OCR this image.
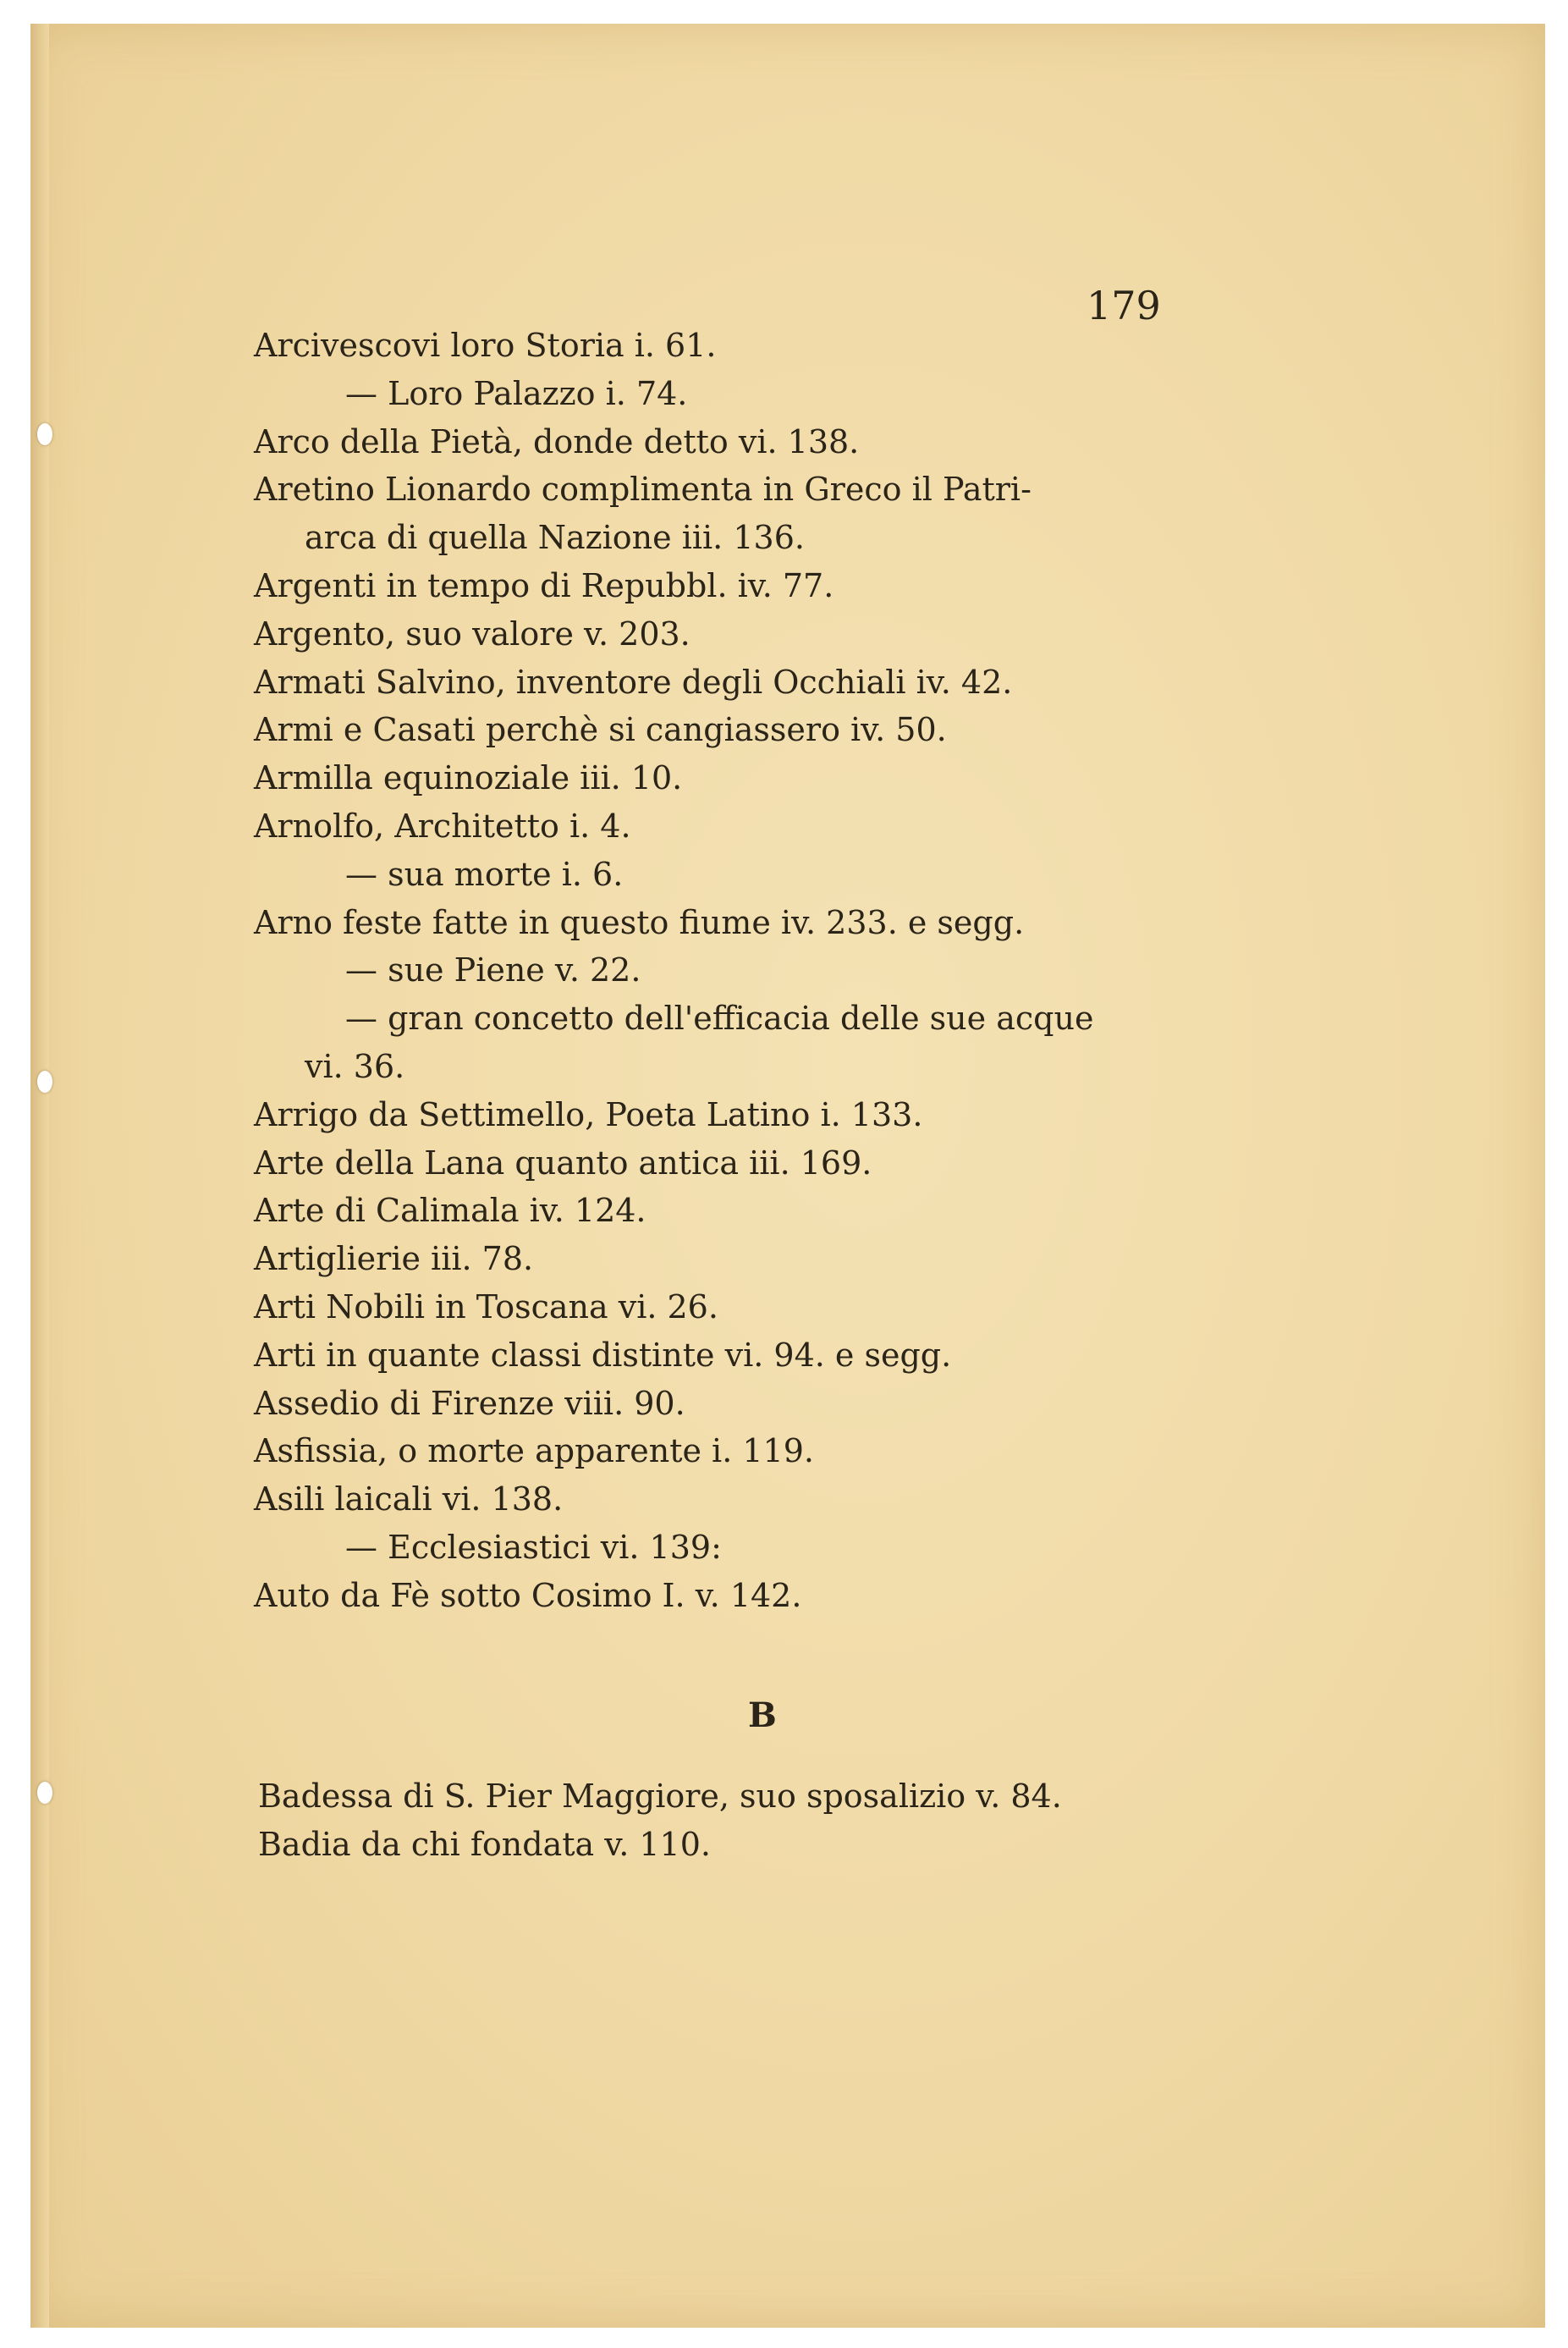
179
Arcivescovi loro Storia i. 61.
— Loro Palazzo i. 74.
Arco della Pietà, donde detto vi. 138.
Aretino Lionardo complimenta in Greco il Patri-
arca di quella Nazione iii. 136.
Argenti in tempo di Repubbl. iv. 77.
Argento, suo valore v. 203.
Armati Salvino, inventore degli Occhiali iv. 42.
Armi e Casati perchè si cangiassero iv. 50.
Armilla equinoziale iii. 10.
Arnolfo, Architetto i. 4.
— sua morte i. 6.
Arno feste fatte in questo fiume iv. 233. e segg.
— sue Piene v. 22.
— gran concetto dell'efficacia delle sue acque
vi. 36.
Arrigo da Settimello, Poeta Latino i. 133.
Arte della Lana quanto antica iii. 169.
Arte di Calimala iv. 124.
Artiglierie iii. 78.
Arti Nobili in Toscana vi. 26.
Arti in quante classi distinte vi. 94. e segg.
Assedio di Firenze viii. 90.
Asfissia, o morte apparente i. 119.
Asili laicali vi. 138.
— Ecclesiastici vi. 139:
Auto da Fè sotto Cosimo I. v. 142.
B
Badessa di S. Pier Maggiore, suo sposalizio v. 84.
Badia da chi fondata v. 110.
